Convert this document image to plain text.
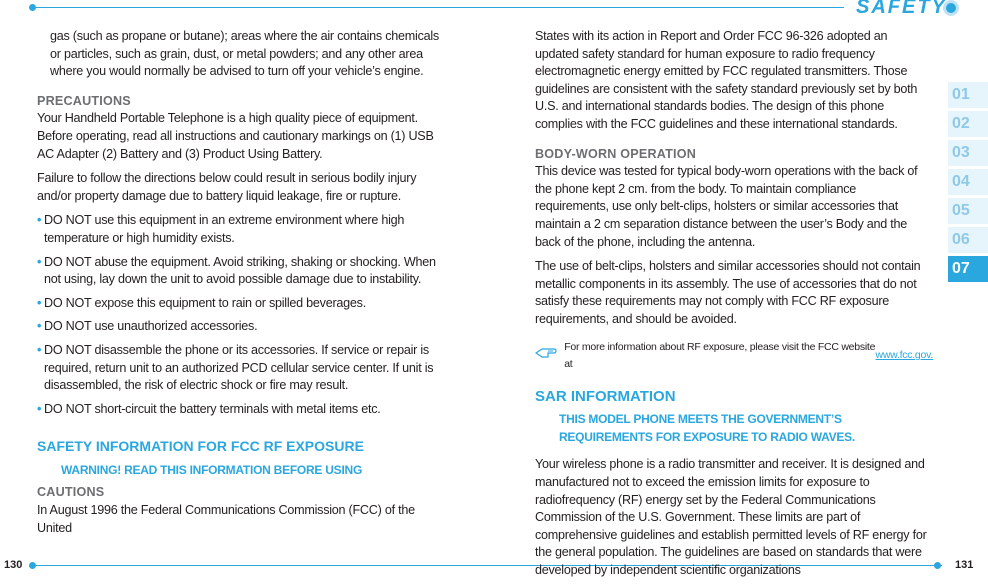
SAFETY
130	131

gas (such as propane or butane); areas where the air contains chemicals or particles, such as grain, dust, or metal powders; and any other area where you would normally be advised to turn off your vehicle’s engine.

PRECAUTIONS

Your Handheld Portable Telephone is a high quality piece of equipment. Before operating, read all instructions and cautionary markings on (1) USB AC Adapter (2) Battery and (3) Product Using Battery.

Failure to follow the directions below could result in serious bodily injury and/or property damage due to battery liquid leakage, fire or rupture.

• DO NOT use this equipment in an extreme environment where high temperature or high humidity exists.
• DO NOT abuse the equipment. Avoid striking, shaking or shocking. When not using, lay down the unit to avoid possible damage due to instability.
• DO NOT expose this equipment to rain or spilled beverages.
• DO NOT use unauthorized accessories.
• DO NOT disassemble the phone or its accessories. If service or repair is required, return unit to an authorized PCD cellular service center. If unit is disassembled, the risk of electric shock or fire may result.
• DO NOT short-circuit the battery terminals with metal items etc.
SAFETY INFORMATION FOR FCC RF EXPOSURE
WARNING! READ THIS INFORMATION BEFORE USING
CAUTIONS

In August 1996 the Federal Communications Commission (FCC) of the United

States with its action in Report and Order FCC 96-326 adopted an updated safety standard for human exposure to radio frequency electromagnetic energy emitted by FCC regulated transmitters. Those guidelines are consistent with the safety standard previously set by both U.S. and international standards bodies. The design of this phone complies with the FCC guidelines and these international standards.

BODY-WORN OPERATION

This device was tested for typical body-worn operations with the back of the phone kept 2 cm. from the body. To maintain compliance requirements, use only belt-clips, holsters or similar accessories that maintain a 2 cm separation distance between the user’s Body and the back of the phone, including the antenna.

The use of belt-clips, holsters and similar accessories should not contain metallic components in its assembly. The use of accessories that do not satisfy these requirements may not comply with FCC RF exposure requirements, and should be avoided.

For more information about RF exposure, please visit the FCC website at
www.fcc.gov.
SAR INFORMATION
THIS MODEL PHONE MEETS THE GOVERNMENT’S
REQUIREMENTS FOR EXPOSURE TO RADIO WAVES.

Your wireless phone is a radio transmitter and receiver. It is designed and manufactured not to exceed the emission limits for exposure to radiofrequency (RF) energy set by the Federal Communications Commission of the U.S. Government. These limits are part of comprehensive guidelines and establish permitted levels of RF energy for the general population. The guidelines are based on standards that were developed by independent scientific organizations

01
02
03
04
05
06
07
